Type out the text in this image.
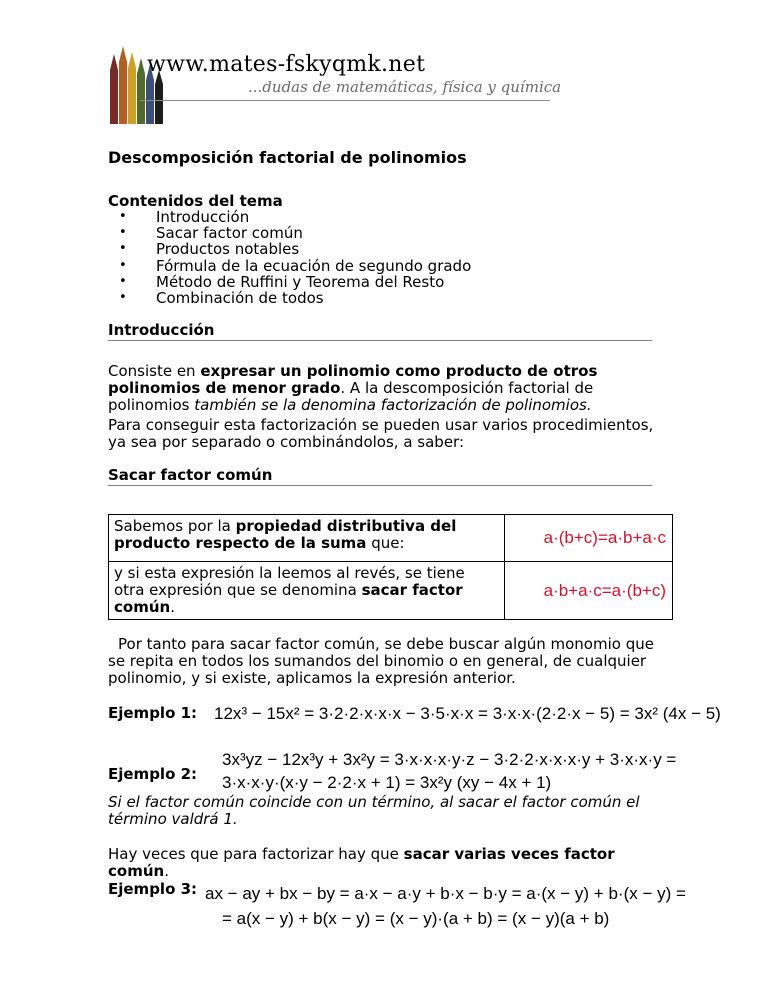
www.mates-fskyqmk.net
...dudas de matemáticas, física y química
Descomposición factorial de polinomios
Contenidos del tema
• Introducción
• Sacar factor común
• Productos notables
• Fórmula de la ecuación de segundo grado
• Método de Ruffini y Teorema del Resto
• Combinación de todos
Introducción
Consiste en expresar un polinomio como producto de otros polinomios de menor grado. A la descomposición factorial de polinomios también se la denomina factorización de polinomios.
Para conseguir esta factorización se pueden usar varios procedimientos, ya sea por separado o combinándolos, a saber:
Sacar factor común
Sabemos por la propiedad distributiva del producto respecto de la suma que:	a·(b+c)=a·b+a·c
y si esta expresión la leemos al revés, se tiene otra expresión que se denomina sacar factor común.	a·b+a·c=a·(b+c)
Por tanto para sacar factor común, se debe buscar algún monomio que se repita en todos los sumandos del binomio o en general, de cualquier polinomio, y si existe, aplicamos la expresión anterior.
Ejemplo 1: 12x³ − 15x² = 3·2·2·x·x·x − 3·5·x·x = 3·x·x·(2·2·x − 5) = 3x² (4x − 5)
3x³yz − 12x³y + 3x²y = 3·x·x·x·y·z − 3·2·2·x·x·x·y + 3·x·x·y =
Ejemplo 2: 3·x·x·y·(x·y − 2·2·x + 1) = 3x²y (xy − 4x + 1)
Si el factor común coincide con un término, al sacar el factor común el término valdrá 1.
Hay veces que para factorizar hay que sacar varias veces factor común.
Ejemplo 3: ax − ay + bx − by = a·x − a·y + b·x − b·y = a·(x − y) + b·(x − y) =
= a(x − y) + b(x − y) = (x − y)·(a + b) = (x − y)(a + b)
